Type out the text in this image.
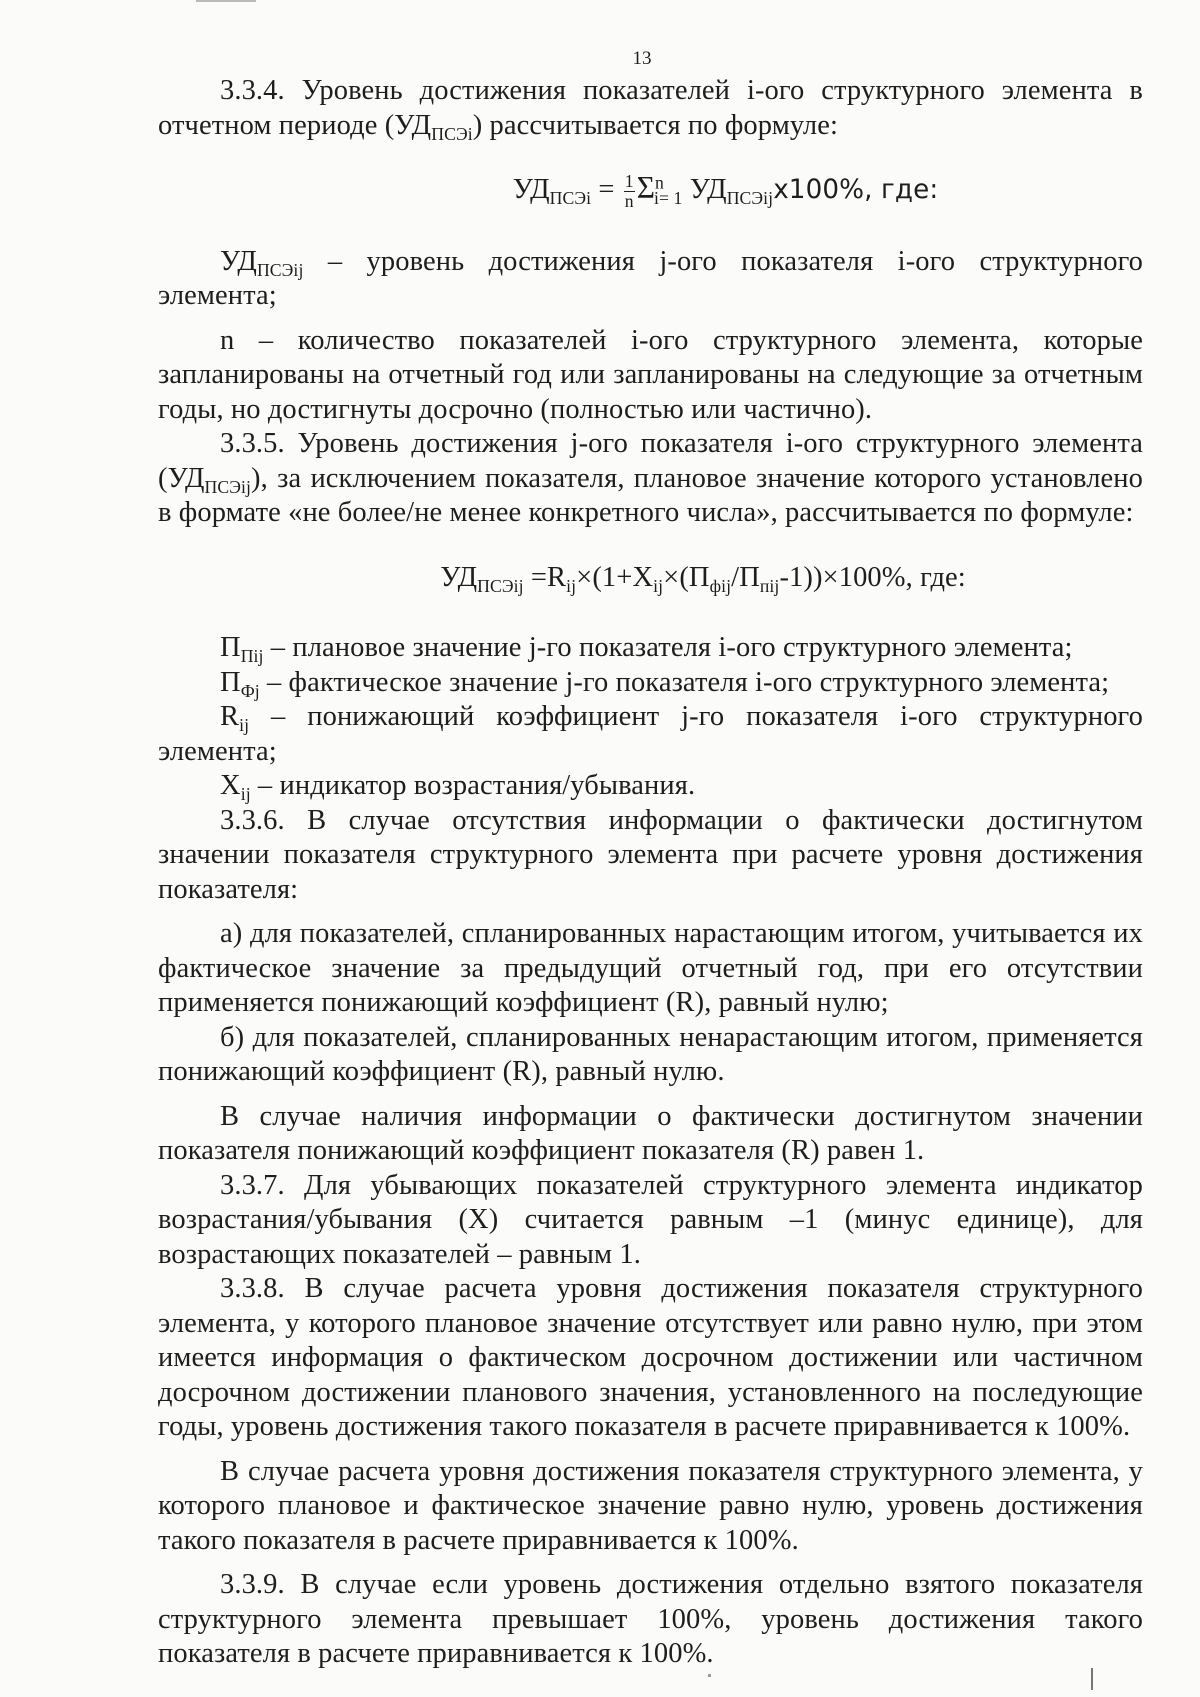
13

3.3.4. Уровень достижения показателей i-ого структурного элемента в отчетном периоде $(УД_{ПСЭi})$ рассчитывается по формуле:

$УД_{ПСЭi} = \frac{1}{n} \Sigma^n_{i= 1}$ $УД_{ПСЭij}x100\%$, где:

$УД_{ПСЭij}$ – уровень достижения j-ого показателя i-ого структурного элемента;

n – количество показателей i-ого структурного элемента, которые запланированы на отчетный год или запланированы на следующие за отчетным годы, но достигнуты досрочно (полностью или частично).

3.3.5. Уровень достижения j-ого показателя i-ого структурного элемента $(УД_{ПСЭij})$, за исключением показателя, плановое значение которого установлено в формате «не более/не менее конкретного числа», рассчитывается по формуле:

$УД_{ПСЭij} =R_{ij}\times(1+X_{ij}\times(П_{фij}/П_{пij}-1))\times 100\%$, где:

$П_{Пij}$ – плановое значение j-го показателя i-ого структурного элемента;

$П_{Фj}$ – фактическое значение j-го показателя i-ого структурного элемента;

$R_{ij}$ – понижающий коэффициент j-го показателя i-ого структурного элемента;

$X_{ij}$ – индикатор возрастания/убывания.

3.3.6. В случае отсутствия информации о фактически достигнутом значении показателя структурного элемента при расчете уровня достижения показателя:

а) для показателей, спланированных нарастающим итогом, учитывается их фактическое значение за предыдущий отчетный год, при его отсутствии применяется понижающий коэффициент (R), равный нулю;

б) для показателей, спланированных ненарастающим итогом, применяется понижающий коэффициент (R), равный нулю.

В случае наличия информации о фактически достигнутом значении показателя понижающий коэффициент показателя (R) равен 1.

3.3.7. Для убывающих показателей структурного элемента индикатор возрастания/убывания (X) считается равным –1 (минус единице), для возрастающих показателей – равным 1.

3.3.8. В случае расчета уровня достижения показателя структурного элемента, у которого плановое значение отсутствует или равно нулю, при этом имеется информация о фактическом досрочном достижении или частичном досрочном достижении планового значения, установленного на последующие годы, уровень достижения такого показателя в расчете приравнивается к 100%.

В случае расчета уровня достижения показателя структурного элемента, у которого плановое и фактическое значение равно нулю, уровень достижения такого показателя в расчете приравнивается к 100%.

3.3.9. В случае если уровень достижения отдельно взятого показателя структурного элемента превышает 100%, уровень достижения такого показателя в расчете приравнивается к 100%.
